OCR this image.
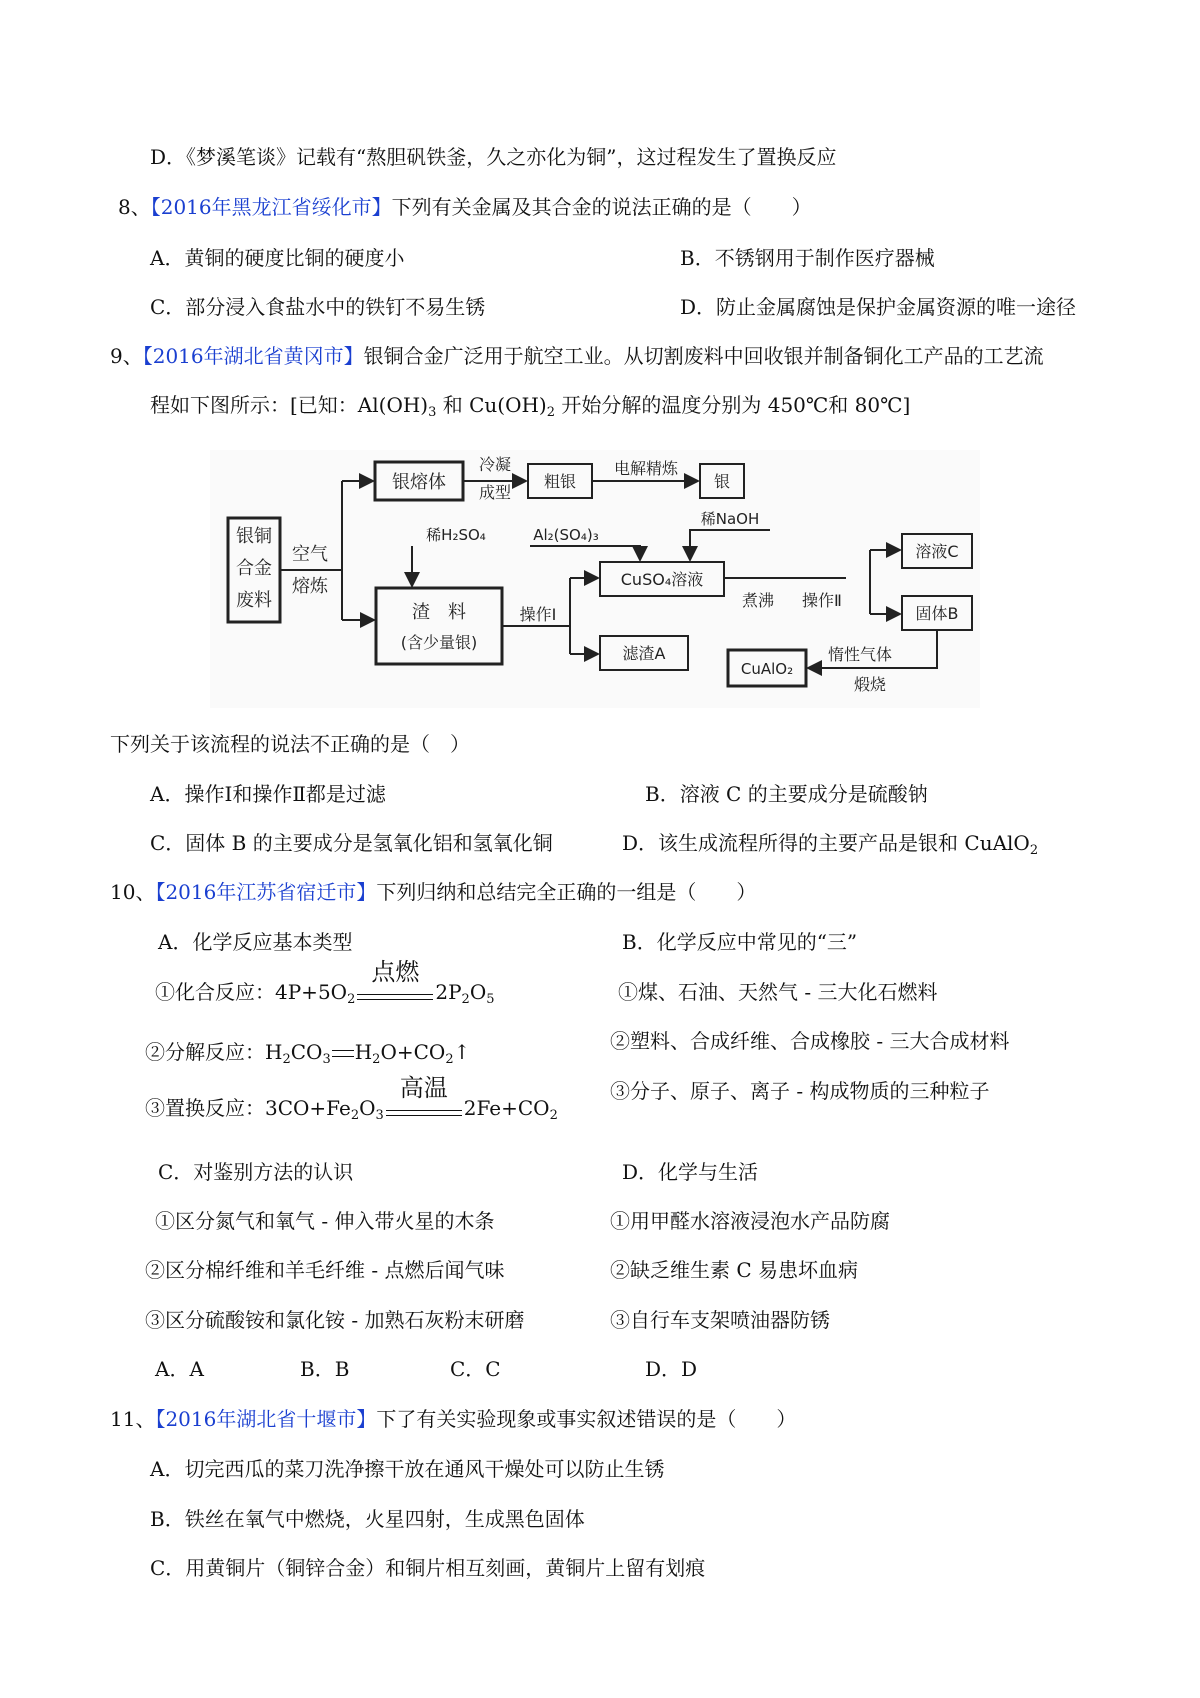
D．《梦溪笔谈》记载有“熬胆矾铁釜，久之亦化为铜”，这过程发生了置换反应
8、【2016年黑龙江省绥化市】下列有关金属及其合金的说法正确的是（　　）
A．黄铜的硬度比铜的硬度小	B．不锈钢用于制作医疗器械
C．部分浸入食盐水中的铁钉不易生锈	D．防止金属腐蚀是保护金属资源的唯一途径
9、【2016年湖北省黄冈市】银铜合金广泛用于航空工业。从切割废料中回收银并制备铜化工产品的工艺流
程如下图所示：[已知：$Al(OH)_3$ 和 $Cu(OH)_2$ 开始分解的温度分别为 450℃和 80℃]
银铜
合金
废料
空气
熔炼
银熔体
冷凝
成型
粗银
电解精炼
银
稀H₂SO₄
渣　料
(含少量银)
操作Ⅰ
CuSO₄溶液
Al₂(SO₄)₃
稀NaOH
煮沸 操作Ⅱ
溶液C
固体B
滤渣A	惰性气体
煅烧
CuAlO₂
下列关于该流程的说法不正确的是（　）
A．操作Ⅰ和操作Ⅱ都是过滤	B．溶液 C 的主要成分是硫酸钠
C．固体 B 的主要成分是氢氧化铝和氢氧化铜	D．该生成流程所得的主要产品是银和 CuAlO$_2$
10、【2016年江苏省宿迁市】下列归纳和总结完全正确的一组是（　　）
A．化学反应基本类型
①化合反应：$4P+5O_2$
点燃
$2P_2O_5$
②分解反应：$H_2CO_3$ $H_2O+CO_2↑$
③置换反应：$3CO+Fe_2O_3$
高温
$2Fe+CO_2$
B．化学反应中常见的“三”
①煤、石油、天然气 - 三大化石燃料
②塑料、合成纤维、合成橡胶 - 三大合成材料
③分子、原子、离子 - 构成物质的三种粒子
C．对鉴别方法的认识
①区分氮气和氧气 - 伸入带火星的木条
②区分棉纤维和羊毛纤维 - 点燃后闻气味
③区分硫酸铵和氯化铵 - 加熟石灰粉末研磨
D．化学与生活
①用甲醛水溶液浸泡水产品防腐
②缺乏维生素 C 易患坏血病
③自行车支架喷油器防锈
A．A	B．B	C．C	D．D
11、【2016年湖北省十堰市】下了有关实验现象或事实叙述错误的是（　　）
A．切完西瓜的菜刀洗净擦干放在通风干燥处可以防止生锈
B．铁丝在氧气中燃烧，火星四射，生成黑色固体
C．用黄铜片（铜锌合金）和铜片相互刻画，黄铜片上留有划痕
